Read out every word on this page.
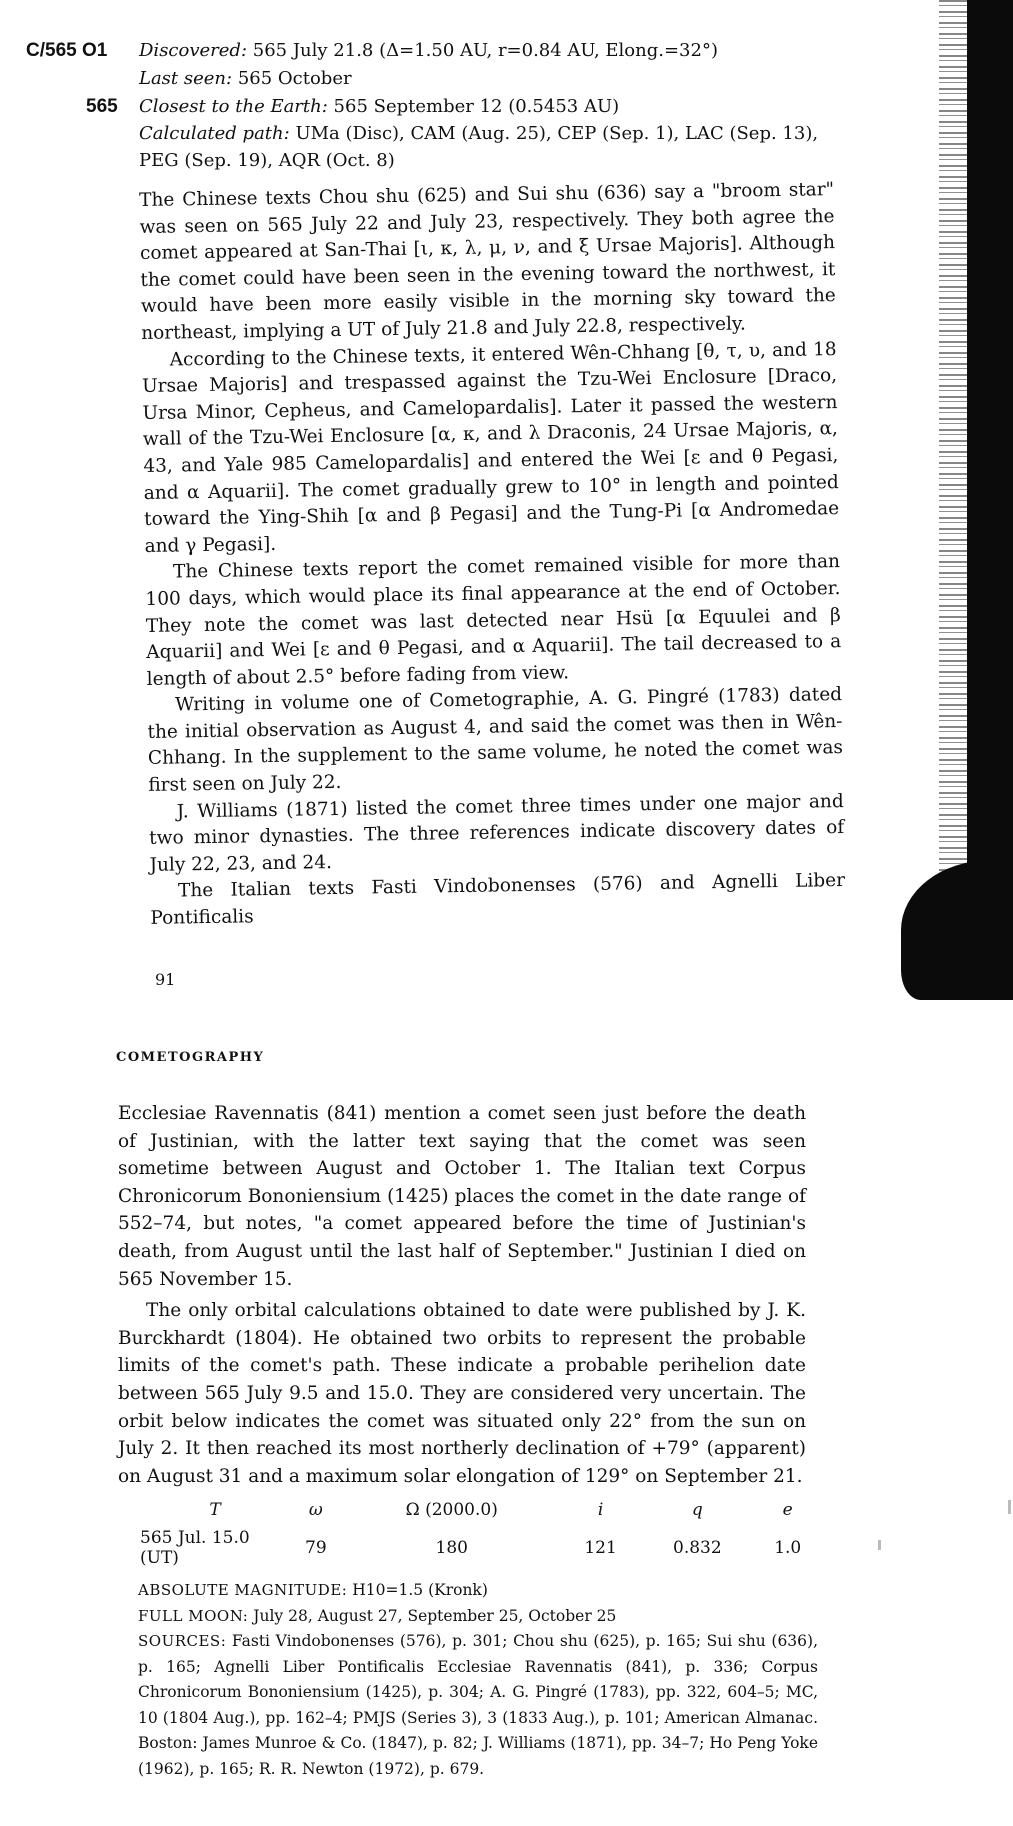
C/565 O1
565
Discovered: 565 July 21.8 (Δ=1.50 AU, r=0.84 AU, Elong.=32°)
Last seen: 565 October
Closest to the Earth: 565 September 12 (0.5453 AU)
Calculated path: UMa (Disc), CAM (Aug. 25), CEP (Sep. 1), LAC (Sep. 13),
PEG (Sep. 19), AQR (Oct. 8)

The Chinese texts Chou shu (625) and Sui shu (636) say a "broom star" was seen on 565 July 22 and July 23, respectively. They both agree the comet appeared at San-Thai [ι, κ, λ, μ, ν, and ξ Ursae Majoris]. Although the comet could have been seen in the evening toward the northwest, it would have been more easily visible in the morning sky toward the northeast, implying a UT of July 21.8 and July 22.8, respectively.

According to the Chinese texts, it entered Wên-Chhang [θ, τ, υ, and 18 Ursae Majoris] and trespassed against the Tzu-Wei Enclosure [Draco, Ursa Minor, Cepheus, and Camelopardalis]. Later it passed the western wall of the Tzu-Wei Enclosure [α, κ, and λ Draconis, 24 Ursae Majoris, α, 43, and Yale 985 Camelopardalis] and entered the Wei [ε and θ Pegasi, and α Aquarii]. The comet gradually grew to 10° in length and pointed toward the Ying-Shih [α and β Pegasi] and the Tung-Pi [α Andromedae and γ Pegasi].

The Chinese texts report the comet remained visible for more than 100 days, which would place its final appearance at the end of October. They note the comet was last detected near Hsü [α Equulei and β Aquarii] and Wei [ε and θ Pegasi, and α Aquarii]. The tail decreased to a length of about 2.5° before fading from view.

Writing in volume one of Cometographie, A. G. Pingré (1783) dated the initial observation as August 4, and said the comet was then in Wên-Chhang. In the supplement to the same volume, he noted the comet was first seen on July 22.

J. Williams (1871) listed the comet three times under one major and two minor dynasties. The three references indicate discovery dates of July 22, 23, and 24.

The Italian texts Fasti Vindobonenses (576) and Agnelli Liber Pontificalis

91
COMETOGRAPHY

Ecclesiae Ravennatis (841) mention a comet seen just before the death of Justinian, with the latter text saying that the comet was seen sometime between August and October 1. The Italian text Corpus Chronicorum Bononiensium (1425) places the comet in the date range of 552–74, but notes, "a comet appeared before the time of Justinian's death, from August until the last half of September." Justinian I died on 565 November 15.

The only orbital calculations obtained to date were published by J. K. Burckhardt (1804). He obtained two orbits to represent the probable limits of the comet's path. These indicate a probable perihelion date between 565 July 9.5 and 15.0. They are considered very uncertain. The orbit below indicates the comet was situated only 22° from the sun on July 2. It then reached its most northerly declination of +79° (apparent) on August 31 and a maximum solar elongation of 129° on September 21.

T	ω	Ω (2000.0)	i	q	e
565 Jul. 15.0 (UT)	79	180	121	0.832	1.0

ABSOLUTE MAGNITUDE: H10=1.5 (Kronk)

FULL MOON: July 28, August 27, September 25, October 25

SOURCES: Fasti Vindobonenses (576), p. 301; Chou shu (625), p. 165; Sui shu (636), p. 165; Agnelli Liber Pontificalis Ecclesiae Ravennatis (841), p. 336; Corpus Chronicorum Bononiensium (1425), p. 304; A. G. Pingré (1783), pp. 322, 604–5; MC, 10 (1804 Aug.), pp. 162–4; PMJS (Series 3), 3 (1833 Aug.), p. 101; American Almanac. Boston: James Munroe & Co. (1847), p. 82; J. Williams (1871), pp. 34–7; Ho Peng Yoke (1962), p. 165; R. R. Newton (1972), p. 679.
